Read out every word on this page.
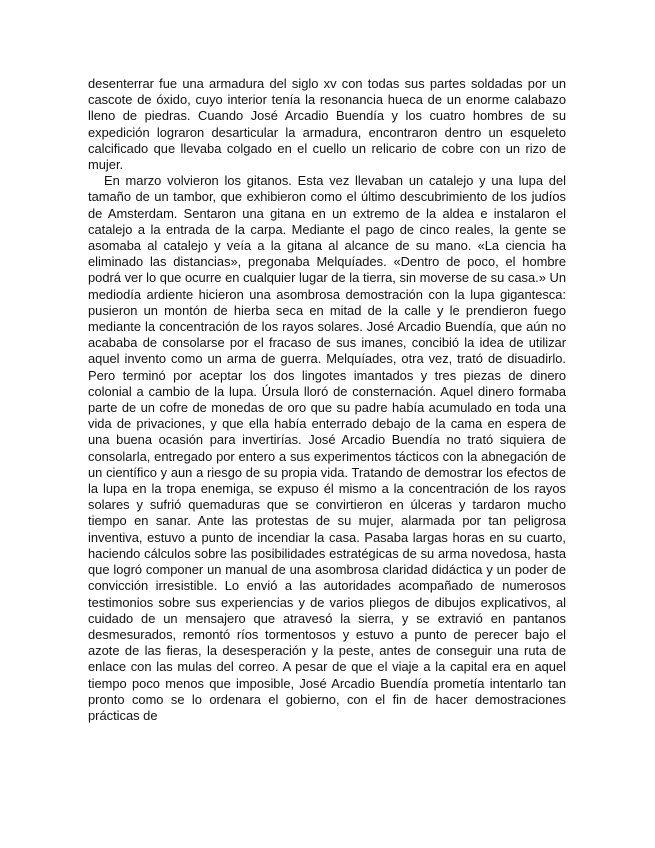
desenterrar fue una armadura del siglo xv con todas sus partes soldadas por un cascote de óxido, cuyo interior tenía la resonancia hueca de un enorme calabazo lleno de piedras. Cuando José Arcadio Buendía y los cuatro hombres de su expedición lograron desarticular la armadura, encontraron dentro un esqueleto calcificado que llevaba colgado en el cuello un relicario de cobre con un rizo de mujer.

En marzo volvieron los gitanos. Esta vez llevaban un catalejo y una lupa del tamaño de un tambor, que exhibieron como el último descubrimiento de los judíos de Amsterdam. Sentaron una gitana en un extremo de la aldea e instalaron el catalejo a la entrada de la carpa. Mediante el pago de cinco reales, la gente se asomaba al catalejo y veía a la gitana al alcance de su mano. «La ciencia ha eliminado las distancias», pregonaba Melquíades. «Dentro de poco, el hombre podrá ver lo que ocurre en cualquier lugar de la tierra, sin moverse de su casa.» Un mediodía ardiente hicieron una asombrosa demostración con la lupa gigantesca: pusieron un montón de hierba seca en mitad de la calle y le prendieron fuego mediante la concentración de los rayos solares. José Arcadio Buendía, que aún no acababa de consolarse por el fracaso de sus imanes, concibió la idea de utilizar aquel invento como un arma de guerra. Melquíades, otra vez, trató de disuadirlo. Pero terminó por aceptar los dos lingotes imantados y tres piezas de dinero colonial a cambio de la lupa. Úrsula lloró de consternación. Aquel dinero formaba parte de un cofre de monedas de oro que su padre había acumulado en toda una vida de privaciones, y que ella había enterrado debajo de la cama en espera de una buena ocasión para invertirías. José Arcadio Buendía no trató siquiera de consolarla, entregado por entero a sus experimentos tácticos con la abnegación de un científico y aun a riesgo de su propia vida. Tratando de demostrar los efectos de la lupa en la tropa enemiga, se expuso él mismo a la concentración de los rayos solares y sufrió quemaduras que se convirtieron en úlceras y tardaron mucho tiempo en sanar. Ante las protestas de su mujer, alarmada por tan peligrosa inventiva, estuvo a punto de incendiar la casa. Pasaba largas horas en su cuarto, haciendo cálculos sobre las posibilidades estratégicas de su arma novedosa, hasta que logró componer un manual de una asombrosa claridad didáctica y un poder de convicción irresistible. Lo envió a las autoridades acompañado de numerosos testimonios sobre sus experiencias y de varios pliegos de dibujos explicativos, al cuidado de un mensajero que atravesó la sierra, y se extravió en pantanos desmesurados, remontó ríos tormentosos y estuvo a punto de perecer bajo el azote de las fieras, la desesperación y la peste, antes de conseguir una ruta de enlace con las mulas del correo. A pesar de que el viaje a la capital era en aquel tiempo poco menos que imposible, José Arcadio Buendía prometía intentarlo tan pronto como se lo ordenara el gobierno, con el fin de hacer demostraciones prácticas de
